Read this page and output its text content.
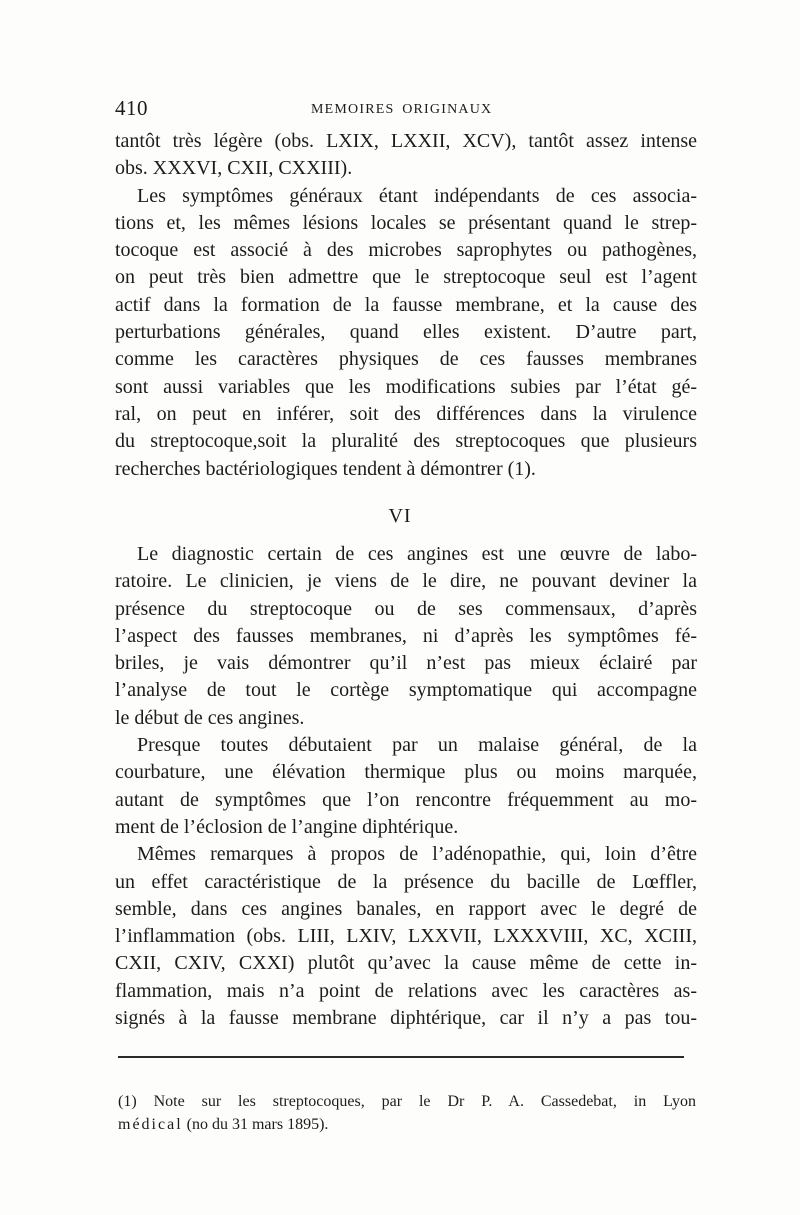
410	MEMOIRES ORIGINAUX
tantôt très légère (obs. LXIX, LXXII, XCV), tantôt assez intense
obs. XXXVI, CXII, CXXIII).
Les symptômes généraux étant indépendants de ces associa-
tions et, les mêmes lésions locales se présentant quand le strep-
tocoque est associé à des microbes saprophytes ou pathogènes,
on peut très bien admettre que le streptocoque seul est l’agent
actif dans la formation de la fausse membrane, et la cause des
perturbations générales, quand elles existent. D’autre part,
comme les caractères physiques de ces fausses membranes
sont aussi variables que les modifications subies par l’état gé-
ral, on peut en inférer, soit des différences dans la virulence
du streptocoque,soit la pluralité des streptocoques que plusieurs
recherches bactériologiques tendent à démontrer (1).
VI
Le diagnostic certain de ces angines est une œuvre de labo-
ratoire. Le clinicien, je viens de le dire, ne pouvant deviner la
présence du streptocoque ou de ses commensaux, d’après
l’aspect des fausses membranes, ni d’après les symptômes fé-
briles, je vais démontrer qu’il n’est pas mieux éclairé par
l’analyse de tout le cortège symptomatique qui accompagne
le début de ces angines.
Presque toutes débutaient par un malaise général, de la
courbature, une élévation thermique plus ou moins marquée,
autant de symptômes que l’on rencontre fréquemment au mo-
ment de l’éclosion de l’angine diphtérique.
Mêmes remarques à propos de l’adénopathie, qui, loin d’être
un effet caractéristique de la présence du bacille de Lœffler,
semble, dans ces angines banales, en rapport avec le degré de
l’inflammation (obs. LIII, LXIV, LXXVII, LXXXVIII, XC, XCIII,
CXII, CXIV, CXXI) plutôt qu’avec la cause même de cette in-
flammation, mais n’a point de relations avec les caractères as-
signés à la fausse membrane diphtérique, car il n’y a pas tou-
(1) Note sur les streptocoques, par le Dr P. A. Cassedebat, in Lyon
médical (no du 31 mars 1895).
